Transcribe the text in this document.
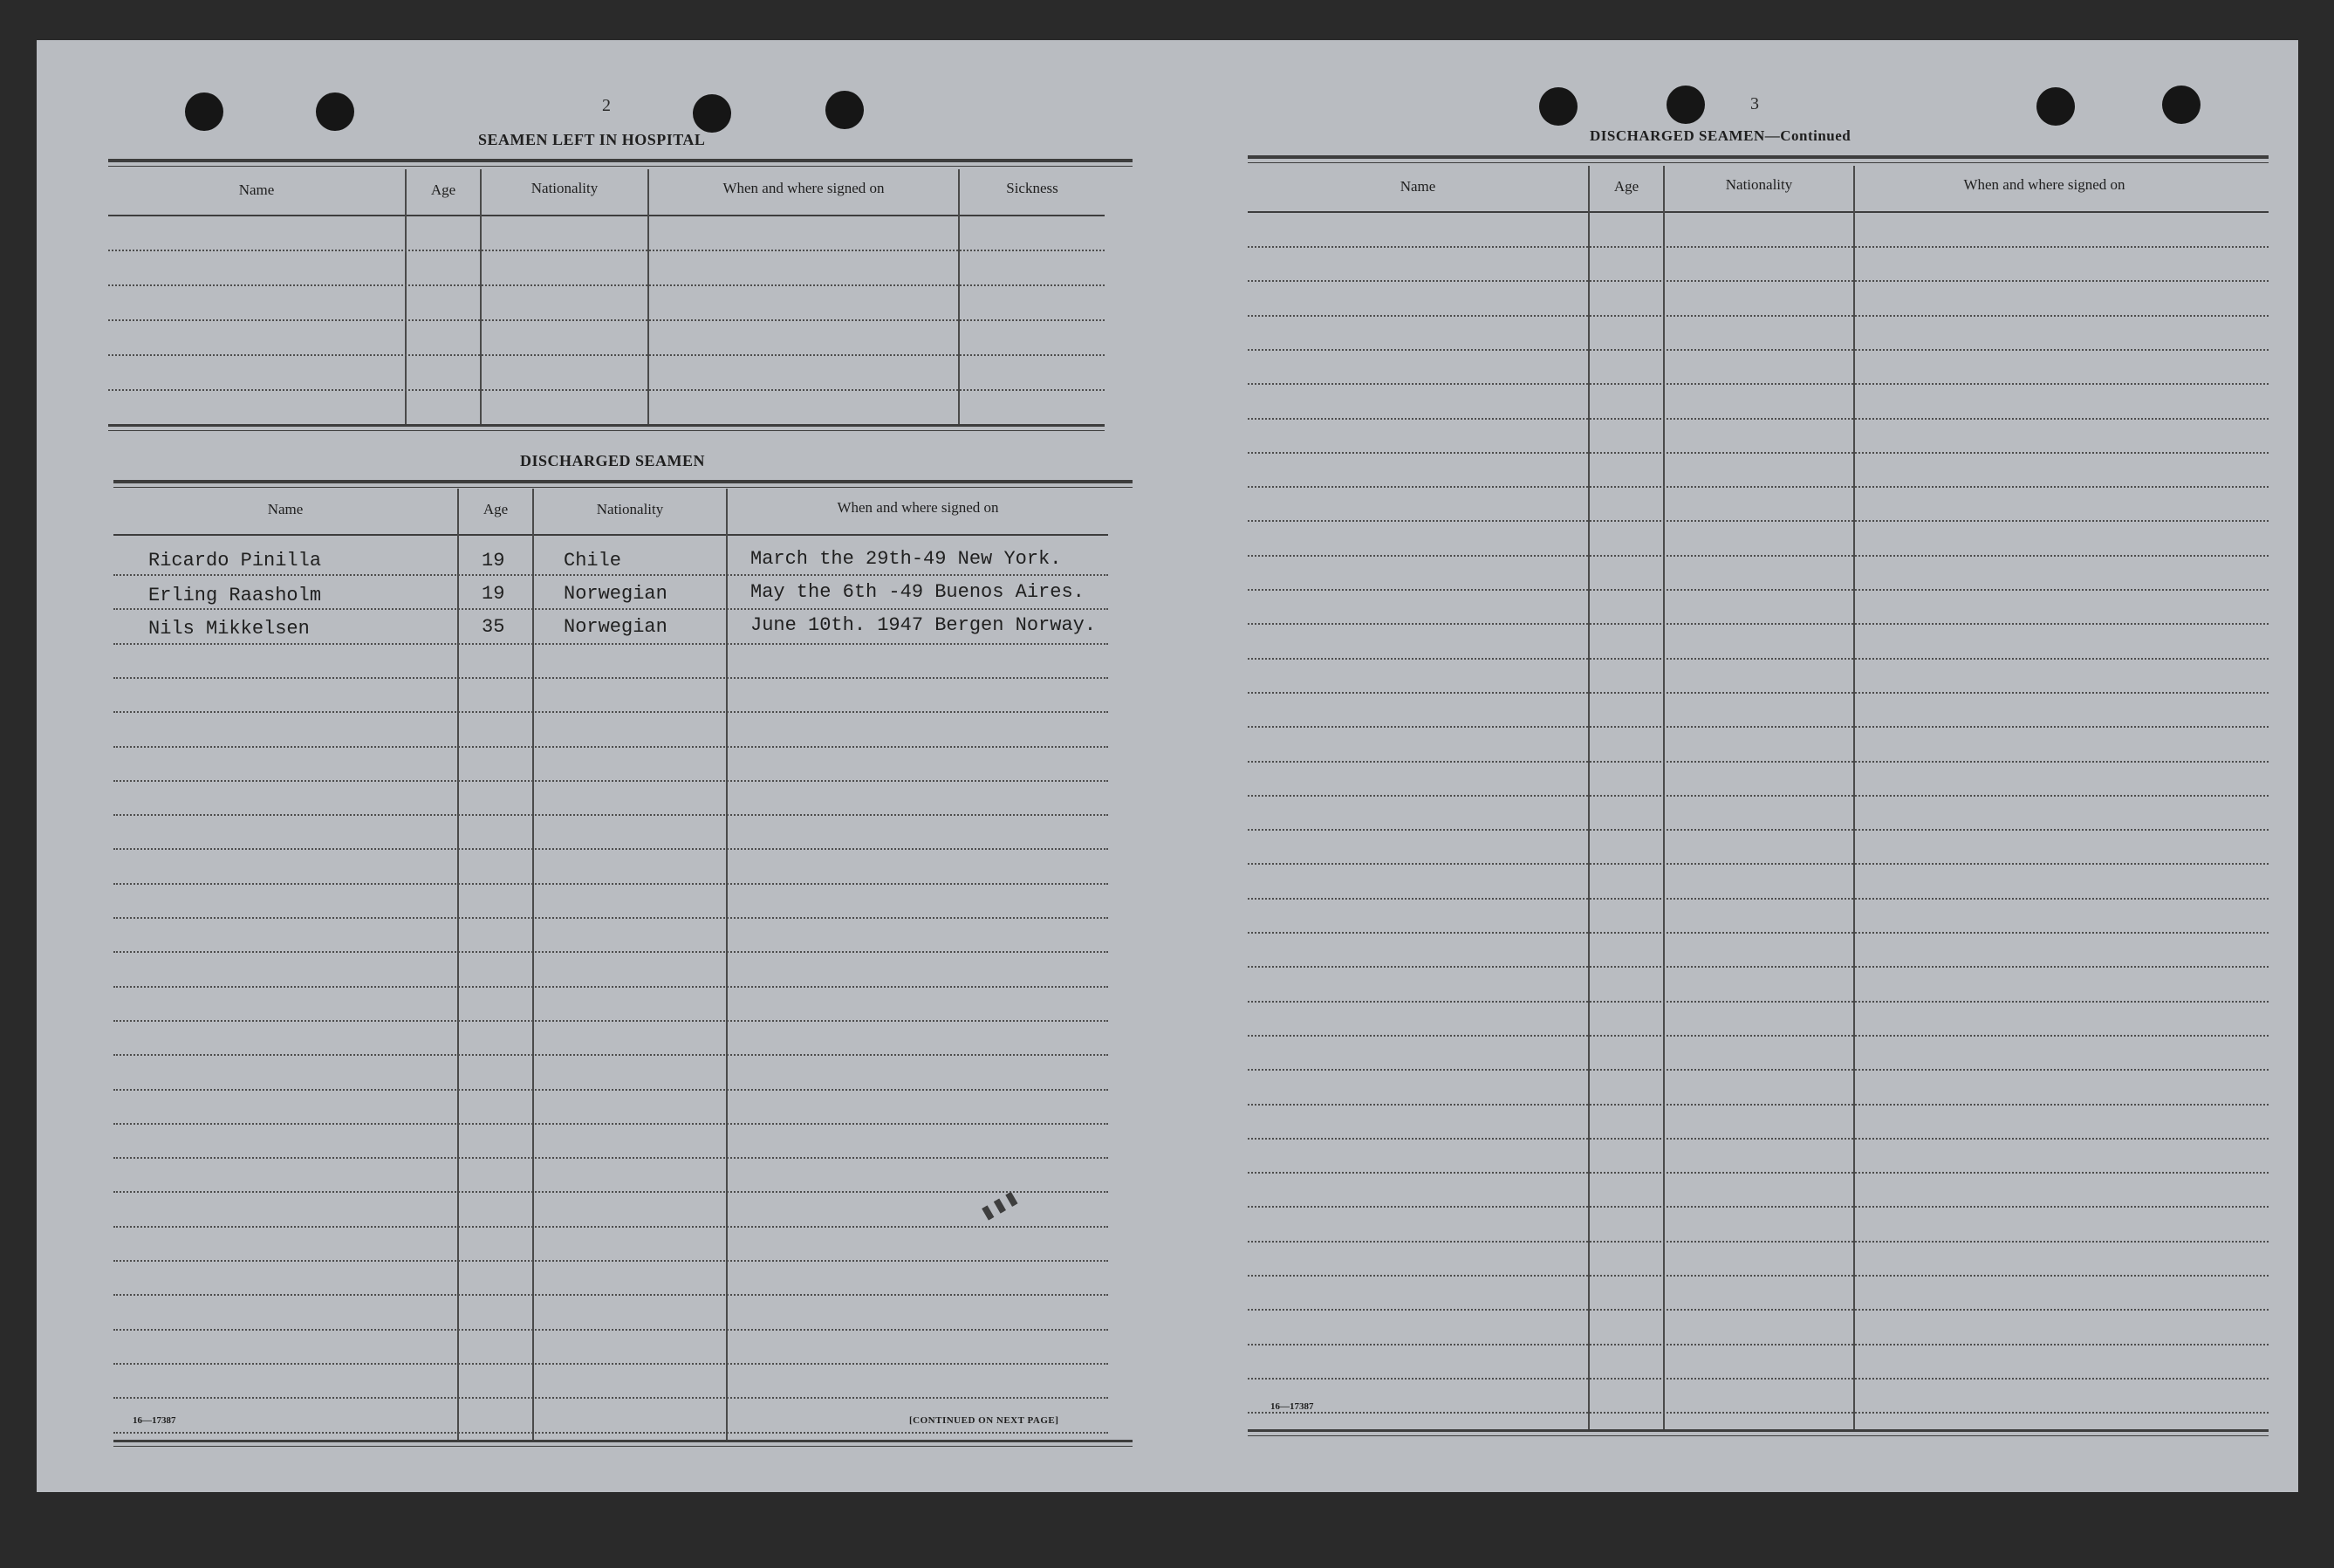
2
SEAMEN LEFT IN HOSPITAL
Name	Age	Nationality	When and where signed on	Sickness
DISCHARGED SEAMEN
Name	Age	Nationality	When and where signed on
Ricardo Pinilla	19	Chile	March the 29th-49 New York.
Erling Raasholm	19	Norwegian	May the 6th -49 Buenos Aires.
Nils Mikkelsen	35	Norwegian	June 10th. 1947 Bergen Norway.
16—17387	[CONTINUED ON NEXT PAGE]
▮▮▮
3
DISCHARGED SEAMEN—Continued
Name	Age	Nationality	When and where signed on
16—17387
